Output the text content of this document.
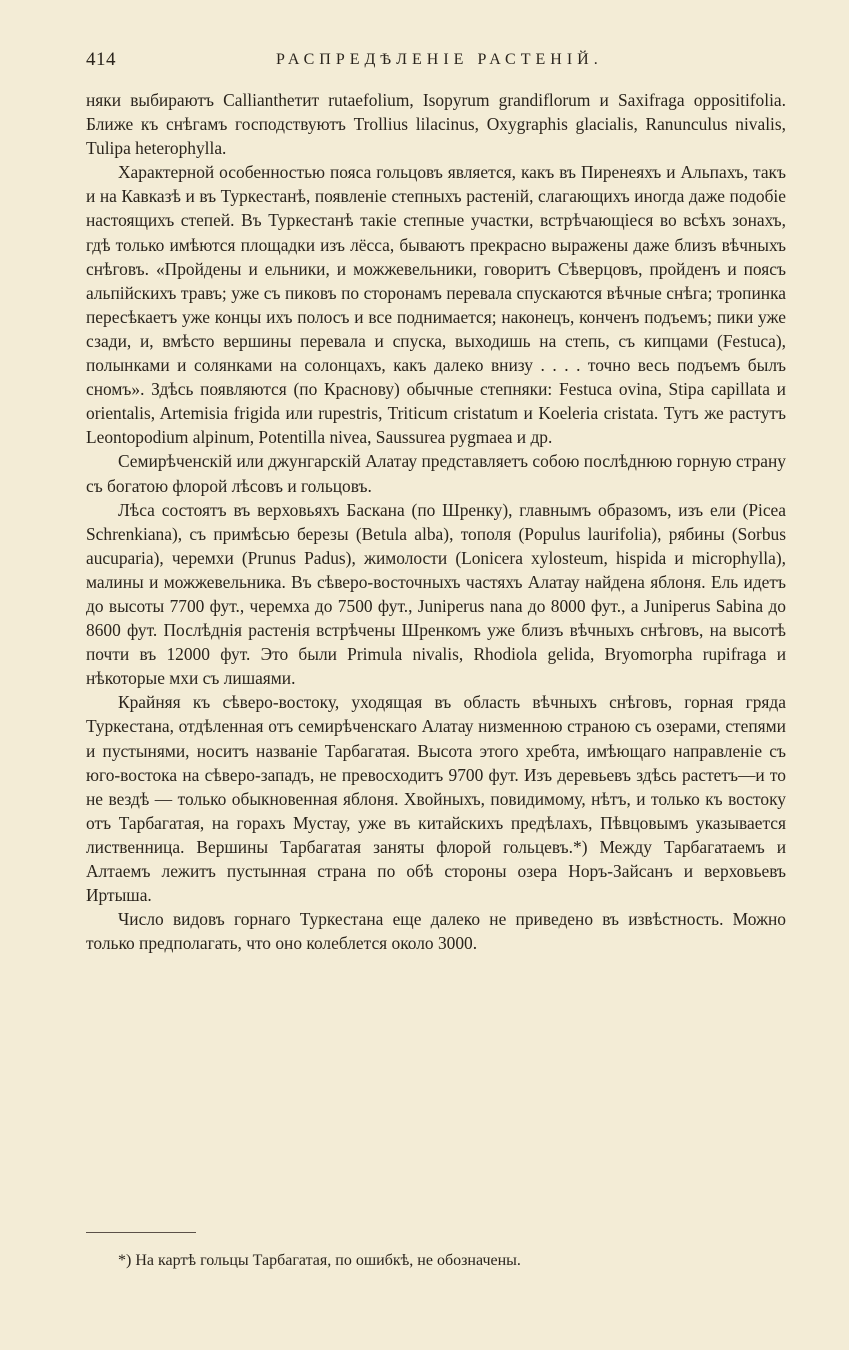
414	РАСПРЕДѢЛЕНІЕ РАСТЕНІЙ.

няки выбираютъ Calliantheтит rutaefolium, Isopyrum grandiflorum и Saxifraga oppositifolia. Ближе къ снѣгамъ господствуютъ Trollius lilacinus, Oxygraphis glacialis, Ranunculus nivalis, Tulipa heterophylla.

Характерной особенностью пояса гольцовъ является, какъ въ Пиренеяхъ и Альпахъ, такъ и на Кавказѣ и въ Туркестанѣ, появленіе степныхъ растеній, слагающихъ иногда даже подобіе настоящихъ степей. Въ Туркестанѣ такіе степные участки, встрѣчающіеся во всѣхъ зонахъ, гдѣ только имѣются площадки изъ лёсса, бываютъ прекрасно выражены даже близъ вѣчныхъ снѣговъ. «Пройдены и ельники, и можжевельники, говоритъ Сѣверцовъ, пройденъ и поясъ альпійскихъ травъ; уже съ пиковъ по сторонамъ перевала спускаются вѣчные снѣга; тропинка пересѣкаетъ уже концы ихъ полосъ и все поднимается; наконецъ, конченъ подъемъ; пики уже сзади, и, вмѣсто вершины перевала и спуска, выходишь на степь, съ кипцами (Festuca), полынками и солянками на солонцахъ, какъ далеко внизу . . . . точно весь подъемъ былъ сномъ». Здѣсь появляются (по Краснову) обычные степняки: Festuca ovina, Stipa capillata и orientalis, Artemisia frigida или rupestris, Triticum cristatum и Koeleria cristata. Тутъ же растутъ Leontopodium alpinum, Potentilla nivea, Saussurea pygmaea и др.

Семирѣченскій или джунгарскій Алатау представляетъ собою послѣднюю горную страну съ богатою флорой лѣсовъ и гольцовъ.

Лѣса состоятъ въ верховьяхъ Баскана (по Шренку), главнымъ образомъ, изъ ели (Picea Schrenkiana), съ примѣсью березы (Betula alba), тополя (Populus laurifolia), рябины (Sorbus aucuparia), черемхи (Prunus Padus), жимолости (Lonicera xylosteum, hispida и microphylla), малины и можжевельника. Въ сѣверо-восточныхъ частяхъ Алатау найдена яблоня. Ель идетъ до высоты 7700 фут., черемха до 7500 фут., Juniperus nana до 8000 фут., а Juniperus Sabina до 8600 фут. Послѣднія растенія встрѣчены Шренкомъ уже близъ вѣчныхъ снѣговъ, на высотѣ почти въ 12000 фут. Это были Primula nivalis, Rhodiola gelida, Bryomorpha rupifraga и нѣкоторые мхи съ лишаями.

Крайняя къ сѣверо-востоку, уходящая въ область вѣчныхъ снѣговъ, горная гряда Туркестана, отдѣленная отъ семирѣченскаго Алатау низменною страною съ озерами, степями и пустынями, носитъ названіе Тарбагатая. Высота этого хребта, имѣющаго направленіе съ юго-востока на сѣверо-западъ, не превосходитъ 9700 фут. Изъ деревьевъ здѣсь растетъ—и то не вездѣ — только обыкновенная яблоня. Хвойныхъ, повидимому, нѣтъ, и только къ востоку отъ Тарбагатая, на горахъ Мустау, уже въ китайскихъ предѣлахъ, Пѣвцовымъ указывается лиственница. Вершины Тарбагатая заняты флорой гольцевъ.*) Между Тарбагатаемъ и Алтаемъ лежитъ пустынная страна по обѣ стороны озера Норъ-Зайсанъ и верховьевъ Иртыша.

Число видовъ горнаго Туркестана еще далеко не приведено въ извѣстность. Можно только предполагать, что оно колеблется около 3000.

*) На картѣ гольцы Тарбагатая, по ошибкѣ, не обозначены.
